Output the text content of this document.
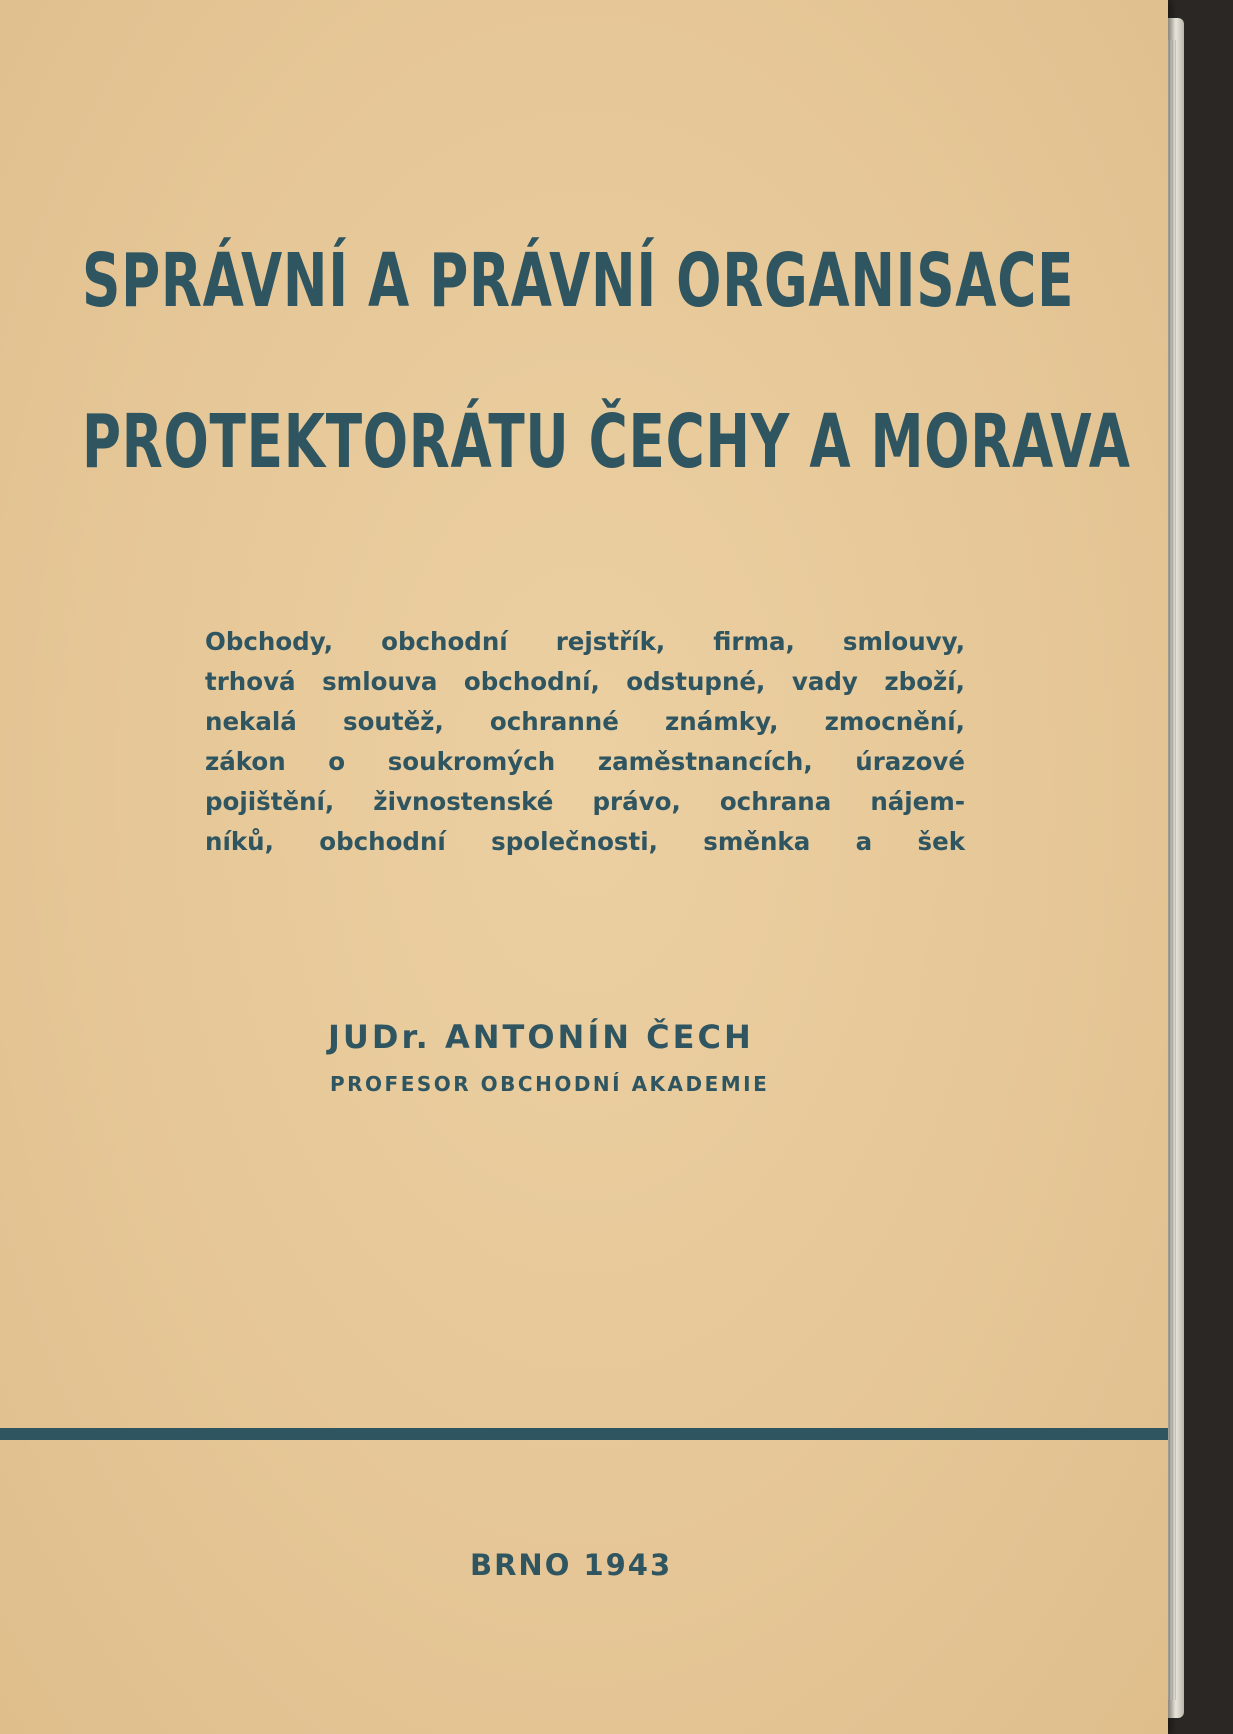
SPRÁVNÍ A PRÁVNÍ ORGANISACE
PROTEKTORÁTU ČECHY A MORAVA
Obchody, obchodní rejstřík, firma, smlouvy,
trhová smlouva obchodní, odstupné, vady zboží,
nekalá soutěž, ochranné známky, zmocnění,
zákon o soukromých zaměstnancích, úrazové
pojištění, živnostenské právo, ochrana nájem-
níků, obchodní společnosti, směnka a šek
JUDr. ANTONÍN ČECH
PROFESOR OBCHODNÍ AKADEMIE
BRNO 1943
